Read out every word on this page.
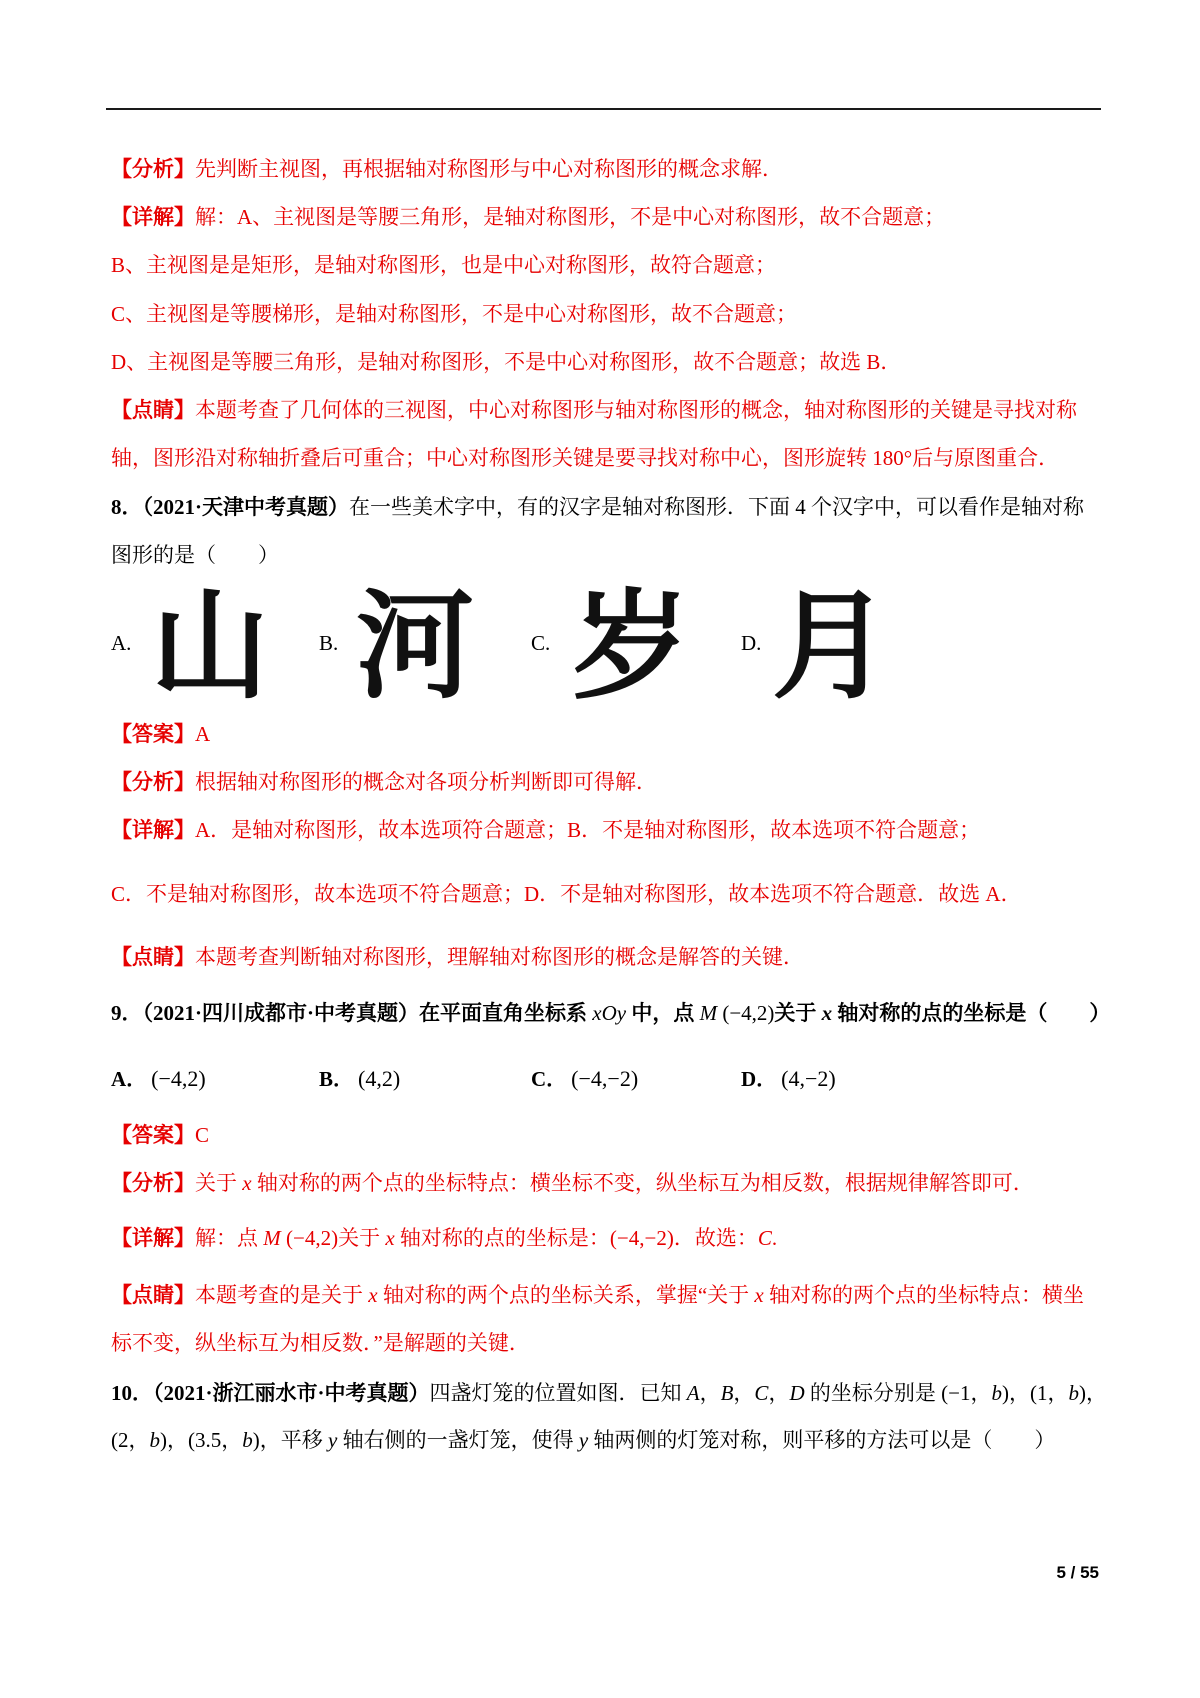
【分析】先判断主视图，再根据轴对称图形与中心对称图形的概念求解．
【详解】解：A、主视图是等腰三角形，是轴对称图形，不是中心对称图形，故不合题意；
B、主视图是是矩形，是轴对称图形，也是中心对称图形，故符合题意；
C、主视图是等腰梯形，是轴对称图形，不是中心对称图形，故不合题意；
D、主视图是等腰三角形，是轴对称图形，不是中心对称图形，故不合题意；故选 B．
【点睛】本题考查了几何体的三视图，中心对称图形与轴对称图形的概念，轴对称图形的关键是寻找对称
轴，图形沿对称轴折叠后可重合；中心对称图形关键是要寻找对称中心，图形旋转 180°后与原图重合．
8．（2021·天津中考真题）在一些美术字中，有的汉字是轴对称图形．下面 4 个汉字中，可以看作是轴对称
图形的是（　　）
A. 山 B. 河	C. 岁 D. 月
【答案】A
【分析】根据轴对称图形的概念对各项分析判断即可得解．
【详解】A．是轴对称图形，故本选项符合题意；B．不是轴对称图形，故本选项不符合题意；
C．不是轴对称图形，故本选项不符合题意；D．不是轴对称图形，故本选项不符合题意．故选 A．
【点睛】本题考查判断轴对称图形，理解轴对称图形的概念是解答的关键．
9．（2021·四川成都市·中考真题）在平面直角坐标系 xOy 中，点 M (−4,2)关于 x 轴对称的点的坐标是（　　）
A． (−4,2)	B． (4,2)	C． (−4,−2)	D． (4,−2)
【答案】C
【分析】关于 x 轴对称的两个点的坐标特点：横坐标不变，纵坐标互为相反数，根据规律解答即可．
【详解】解：点 M (−4,2)关于 x 轴对称的点的坐标是：(−4,−2)．故选：C.
【点睛】本题考查的是关于 x 轴对称的两个点的坐标关系，掌握“关于 x 轴对称的两个点的坐标特点：横坐
标不变，纵坐标互为相反数．”是解题的关键．
10．（2021·浙江丽水市·中考真题）四盏灯笼的位置如图．已知 A，B，C，D 的坐标分别是 (−1，b)，(1，b)，
(2，b)，(3.5，b)，平移 y 轴右侧的一盏灯笼，使得 y 轴两侧的灯笼对称，则平移的方法可以是（　　）
5 / 55
